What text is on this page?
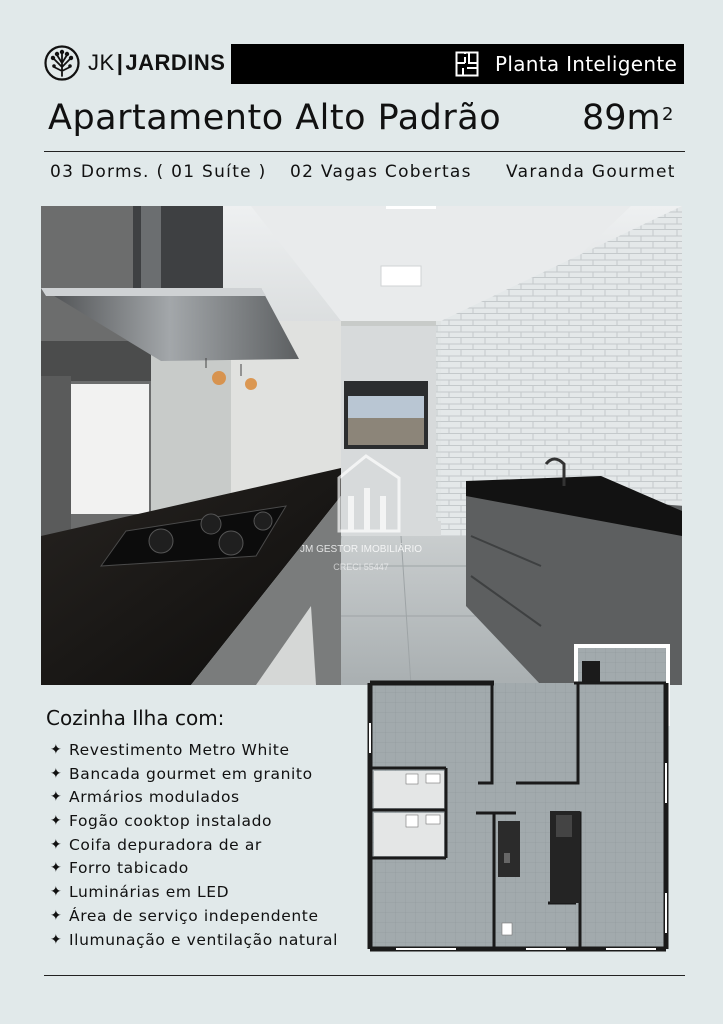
JK|JARDINS	Planta Inteligente
Apartamento Alto Padrão 89m 2
03 Dorms. ( 01 Suíte ) 02 Vagas Cobertas Varanda Gourmet
JM GESTOR IMOBILIÁRIO
CRECI 55447
Cozinha Ilha com:
✦ Revestimento Metro White
✦ Bancada gourmet em granito
✦ Armários modulados
✦ Fogão cooktop instalado
✦ Coifa depuradora de ar
✦ Forro tabicado
✦ Luminárias em LED
✦ Área de serviço independente
✦ Ilumunação e ventilação natural
